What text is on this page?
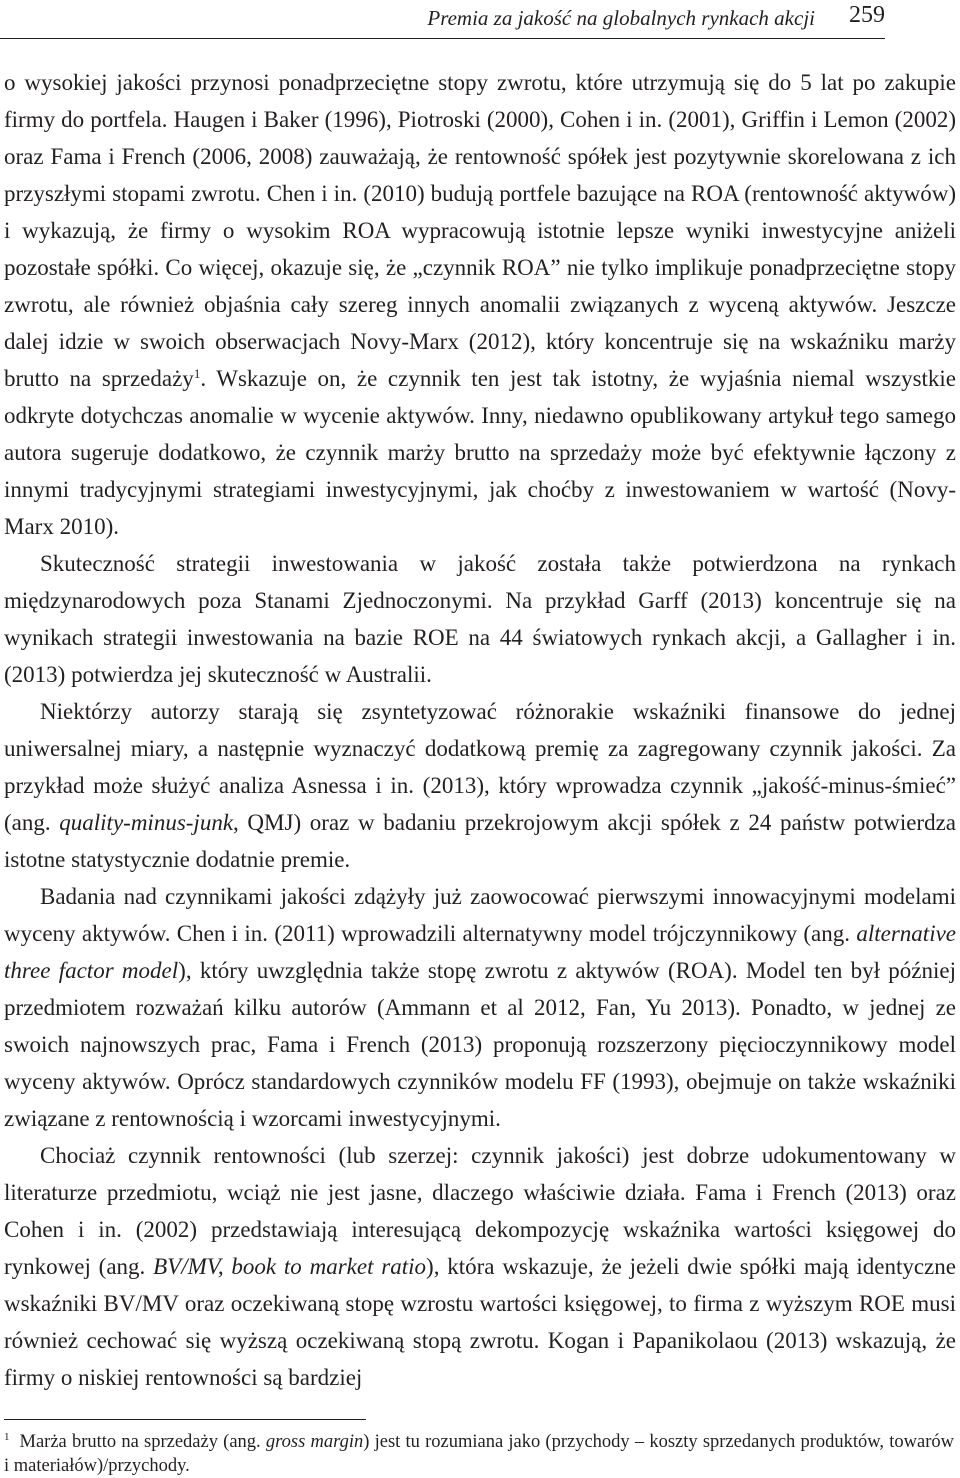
Premia za jakość na globalnych rynkach akcji 259

o wysokiej jakości przynosi ponadprzeciętne stopy zwrotu, które utrzymują się do 5 lat po zakupie firmy do portfela. Haugen i Baker (1996), Piotroski (2000), Cohen i in. (2001), Griffin i Lemon (2002) oraz Fama i French (2006, 2008) zauważają, że rentowność spółek jest pozytywnie skorelowana z ich przyszłymi stopami zwrotu. Chen i in. (2010) budują portfele bazujące na ROA (rentowność aktywów) i wykazują, że firmy o wysokim ROA wypracowują istotnie lepsze wyniki inwestycyjne aniżeli pozostałe spółki. Co więcej, okazuje się, że „czynnik ROA” nie tylko implikuje ponadprzeciętne stopy zwrotu, ale również objaśnia cały szereg innych anomalii związanych z wyceną aktywów. Jeszcze dalej idzie w swoich obserwacjach Novy-Marx (2012), który koncentruje się na wskaźniku marży brutto na sprzedaży$^1$. Wskazuje on, że czynnik ten jest tak istotny, że wyjaśnia niemal wszystkie odkryte dotychczas anomalie w wycenie aktywów. Inny, niedawno opublikowany artykuł tego samego autora sugeruje dodatkowo, że czynnik marży brutto na sprzedaży może być efektywnie łączony z innymi tradycyjnymi strategiami inwestycyjnymi, jak choćby z inwestowaniem w wartość (Novy-Marx 2010).

Skuteczność strategii inwestowania w jakość została także potwierdzona na rynkach międzynarodowych poza Stanami Zjednoczonymi. Na przykład Garff (2013) koncentruje się na wynikach strategii inwestowania na bazie ROE na 44 światowych rynkach akcji, a Gallagher i in. (2013) potwierdza jej skuteczność w Australii.

Niektórzy autorzy starają się zsyntetyzować różnorakie wskaźniki finansowe do jednej uniwersalnej miary, a następnie wyznaczyć dodatkową premię za zagregowany czynnik jakości. Za przykład może służyć analiza Asnessa i in. (2013), który wprowadza czynnik „jakość-minus-śmieć” (ang. quality-minus-junk, QMJ) oraz w badaniu przekrojowym akcji spółek z 24 państw potwierdza istotne statystycznie dodatnie premie.

Badania nad czynnikami jakości zdążyły już zaowocować pierwszymi innowacyjnymi modelami wyceny aktywów. Chen i in. (2011) wprowadzili alternatywny model trójczynnikowy (ang. alternative three factor model), który uwzględnia także stopę zwrotu z aktywów (ROA). Model ten był później przedmiotem rozważań kilku autorów (Ammann et al 2012, Fan, Yu 2013). Ponadto, w jednej ze swoich najnowszych prac, Fama i French (2013) proponują rozszerzony pięcioczynnikowy model wyceny aktywów. Oprócz standardowych czynników modelu FF (1993), obejmuje on także wskaźniki związane z rentownością i wzorcami inwestycyjnymi.

Chociaż czynnik rentowności (lub szerzej: czynnik jakości) jest dobrze udokumentowany w literaturze przedmiotu, wciąż nie jest jasne, dlaczego właściwie działa. Fama i French (2013) oraz Cohen i in. (2002) przedstawiają interesującą dekompozycję wskaźnika wartości księgowej do rynkowej (ang. BV/MV, book to market ratio), która wskazuje, że jeżeli dwie spółki mają identyczne wskaźniki BV/MV oraz oczekiwaną stopę wzrostu wartości księgowej, to firma z wyższym ROE musi również cechować się wyższą oczekiwaną stopą zwrotu. Kogan i Papanikolaou (2013) wskazują, że firmy o niskiej rentowności są bardziej

$^1$ Marża brutto na sprzedaży (ang. gross margin) jest tu rozumiana jako (przychody – koszty sprzedanych produktów, towarów i materiałów)/przychody.
